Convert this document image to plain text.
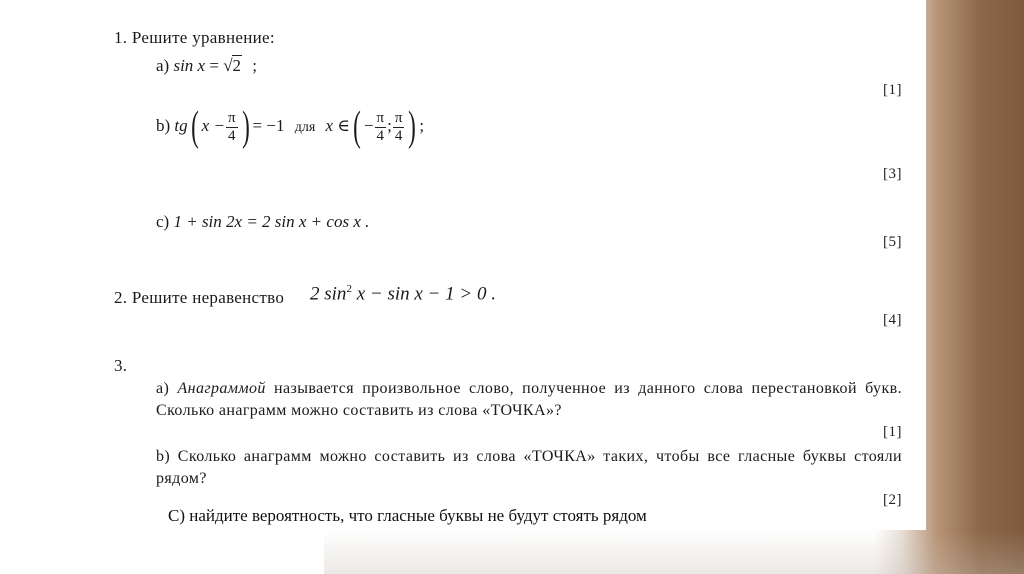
1. Решите уравнение:
a) sin x = √2 ;
[1]
b) tg( $x - \frac{\pi}{4}$ ) = −1 для x ∈( − $\frac{\pi}{4}$ ; $\frac{\pi}{4}$ ) ;
[3]
c) 1 + sin 2x = 2 sin x + cos x .
[5]
2. Решите неравенство 2 $\sin^2 x - \sin x - 1 > 0$ .
[4]
3.
a) Анаграммой называется произвольное слово, полученное из данного слова перестановкой букв. Сколько анаграмм можно составить из слова «ТОЧКА»?
[1]
b) Сколько анаграмм можно составить из слова «ТОЧКА» таких, чтобы все гласные буквы стояли рядом?
[2]
С) найдите вероятность, что гласные буквы не будут стоять рядом
